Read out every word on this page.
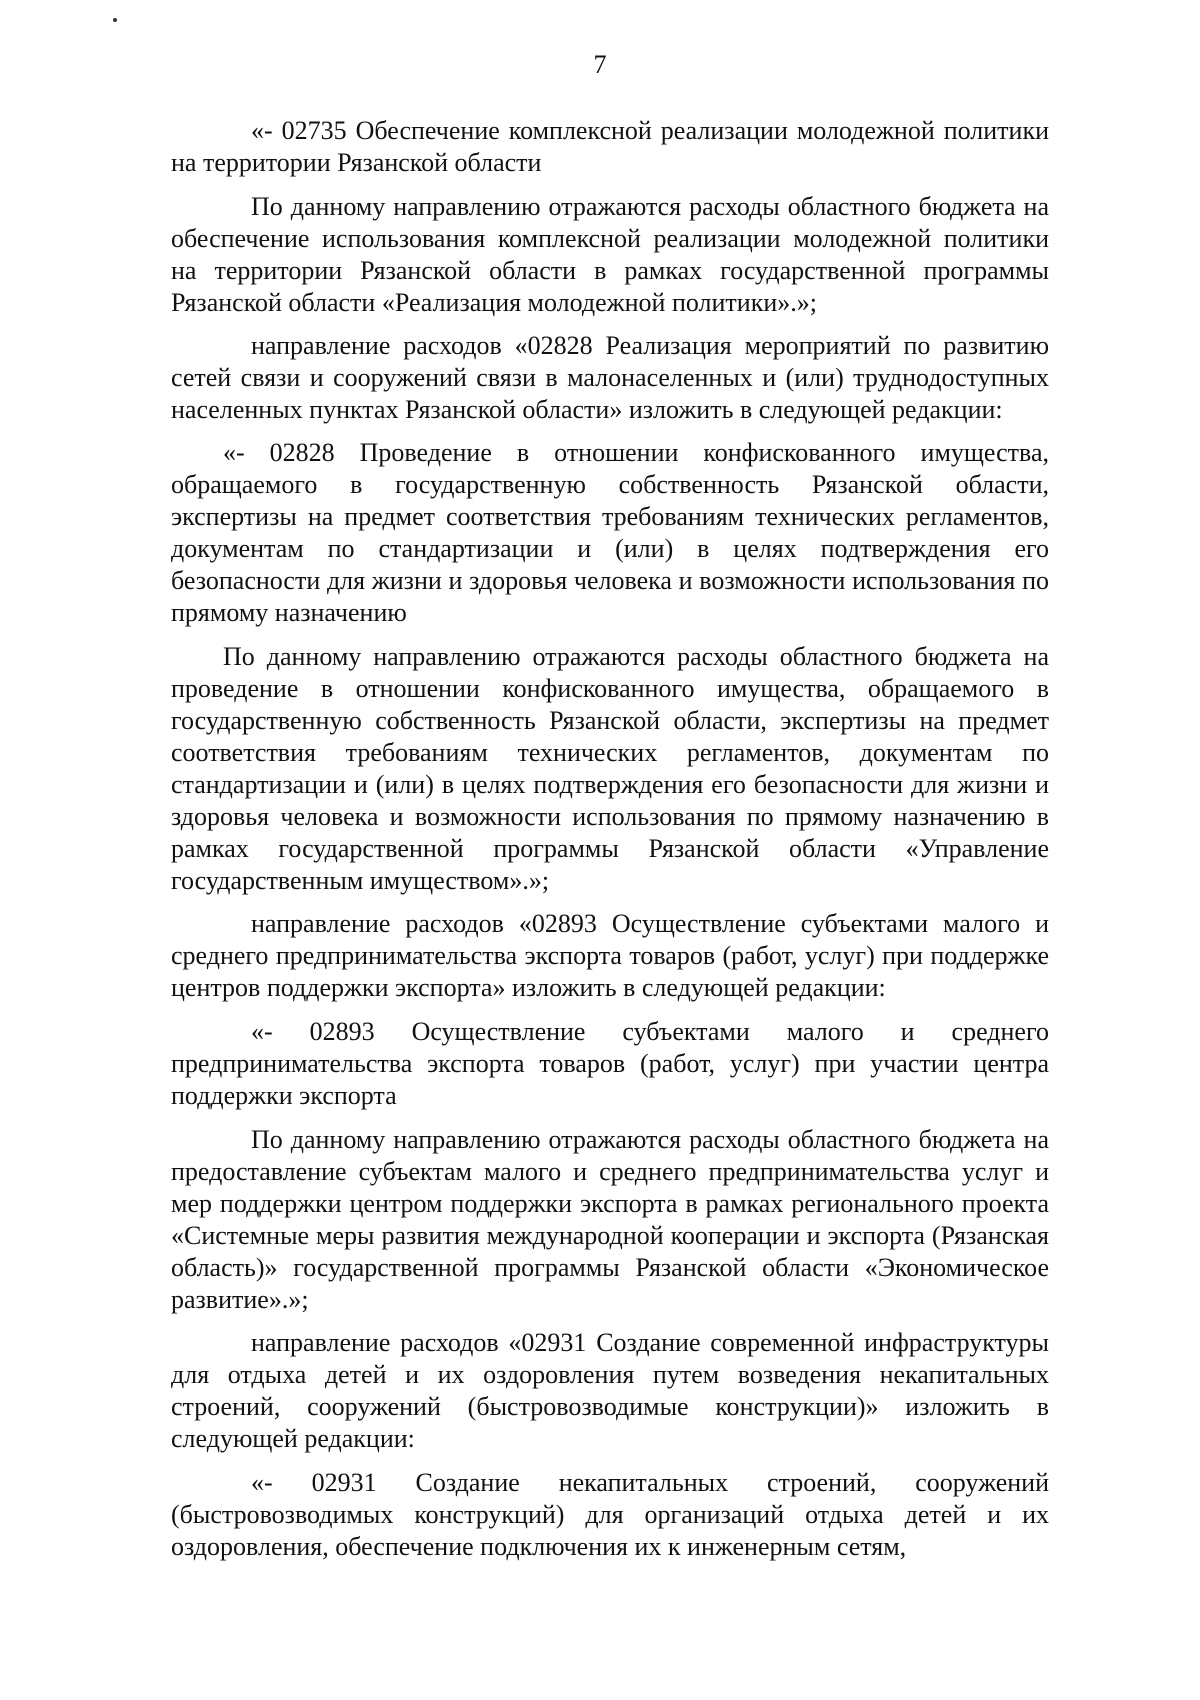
7

«- 02735 Обеспечение комплексной реализации молодежной политики на территории Рязанской области

По данному направлению отражаются расходы областного бюджета на обеспечение использования комплексной реализации молодежной политики на территории Рязанской области в рамках государственной программы Рязанской области «Реализация молодежной политики».»;

направление расходов «02828 Реализация мероприятий по развитию сетей связи и сооружений связи в малонаселенных и (или) труднодоступных населенных пунктах Рязанской области» изложить в следующей редакции:

«- 02828 Проведение в отношении конфискованного имущества, обращаемого в государственную собственность Рязанской области, экспертизы на предмет соответствия требованиям технических регламентов, документам по стандартизации и (или) в целях подтверждения его безопасности для жизни и здоровья человека и возможности использования по прямому назначению

По данному направлению отражаются расходы областного бюджета на проведение в отношении конфискованного имущества, обращаемого в государственную собственность Рязанской области, экспертизы на предмет соответствия требованиям технических регламентов, документам по стандартизации и (или) в целях подтверждения его безопасности для жизни и здоровья человека и возможности использования по прямому назначению в рамках государственной программы Рязанской области «Управление государственным имуществом».»;

направление расходов «02893 Осуществление субъектами малого и среднего предпринимательства экспорта товаров (работ, услуг) при поддержке центров поддержки экспорта» изложить в следующей редакции:

«- 02893 Осуществление субъектами малого и среднего предпринимательства экспорта товаров (работ, услуг) при участии центра поддержки экспорта

По данному направлению отражаются расходы областного бюджета на предоставление субъектам малого и среднего предпринимательства услуг и мер поддержки центром поддержки экспорта в рамках регионального проекта «Системные меры развития международной кооперации и экспорта (Рязанская область)» государственной программы Рязанской области «Экономическое развитие».»;

направление расходов «02931 Создание современной инфраструктуры для отдыха детей и их оздоровления путем возведения некапитальных строений, сооружений (быстровозводимые конструкции)» изложить в следующей редакции:

«- 02931 Создание некапитальных строений, сооружений (быстровозводимых конструкций) для организаций отдыха детей и их оздоровления, обеспечение подключения их к инженерным сетям,
